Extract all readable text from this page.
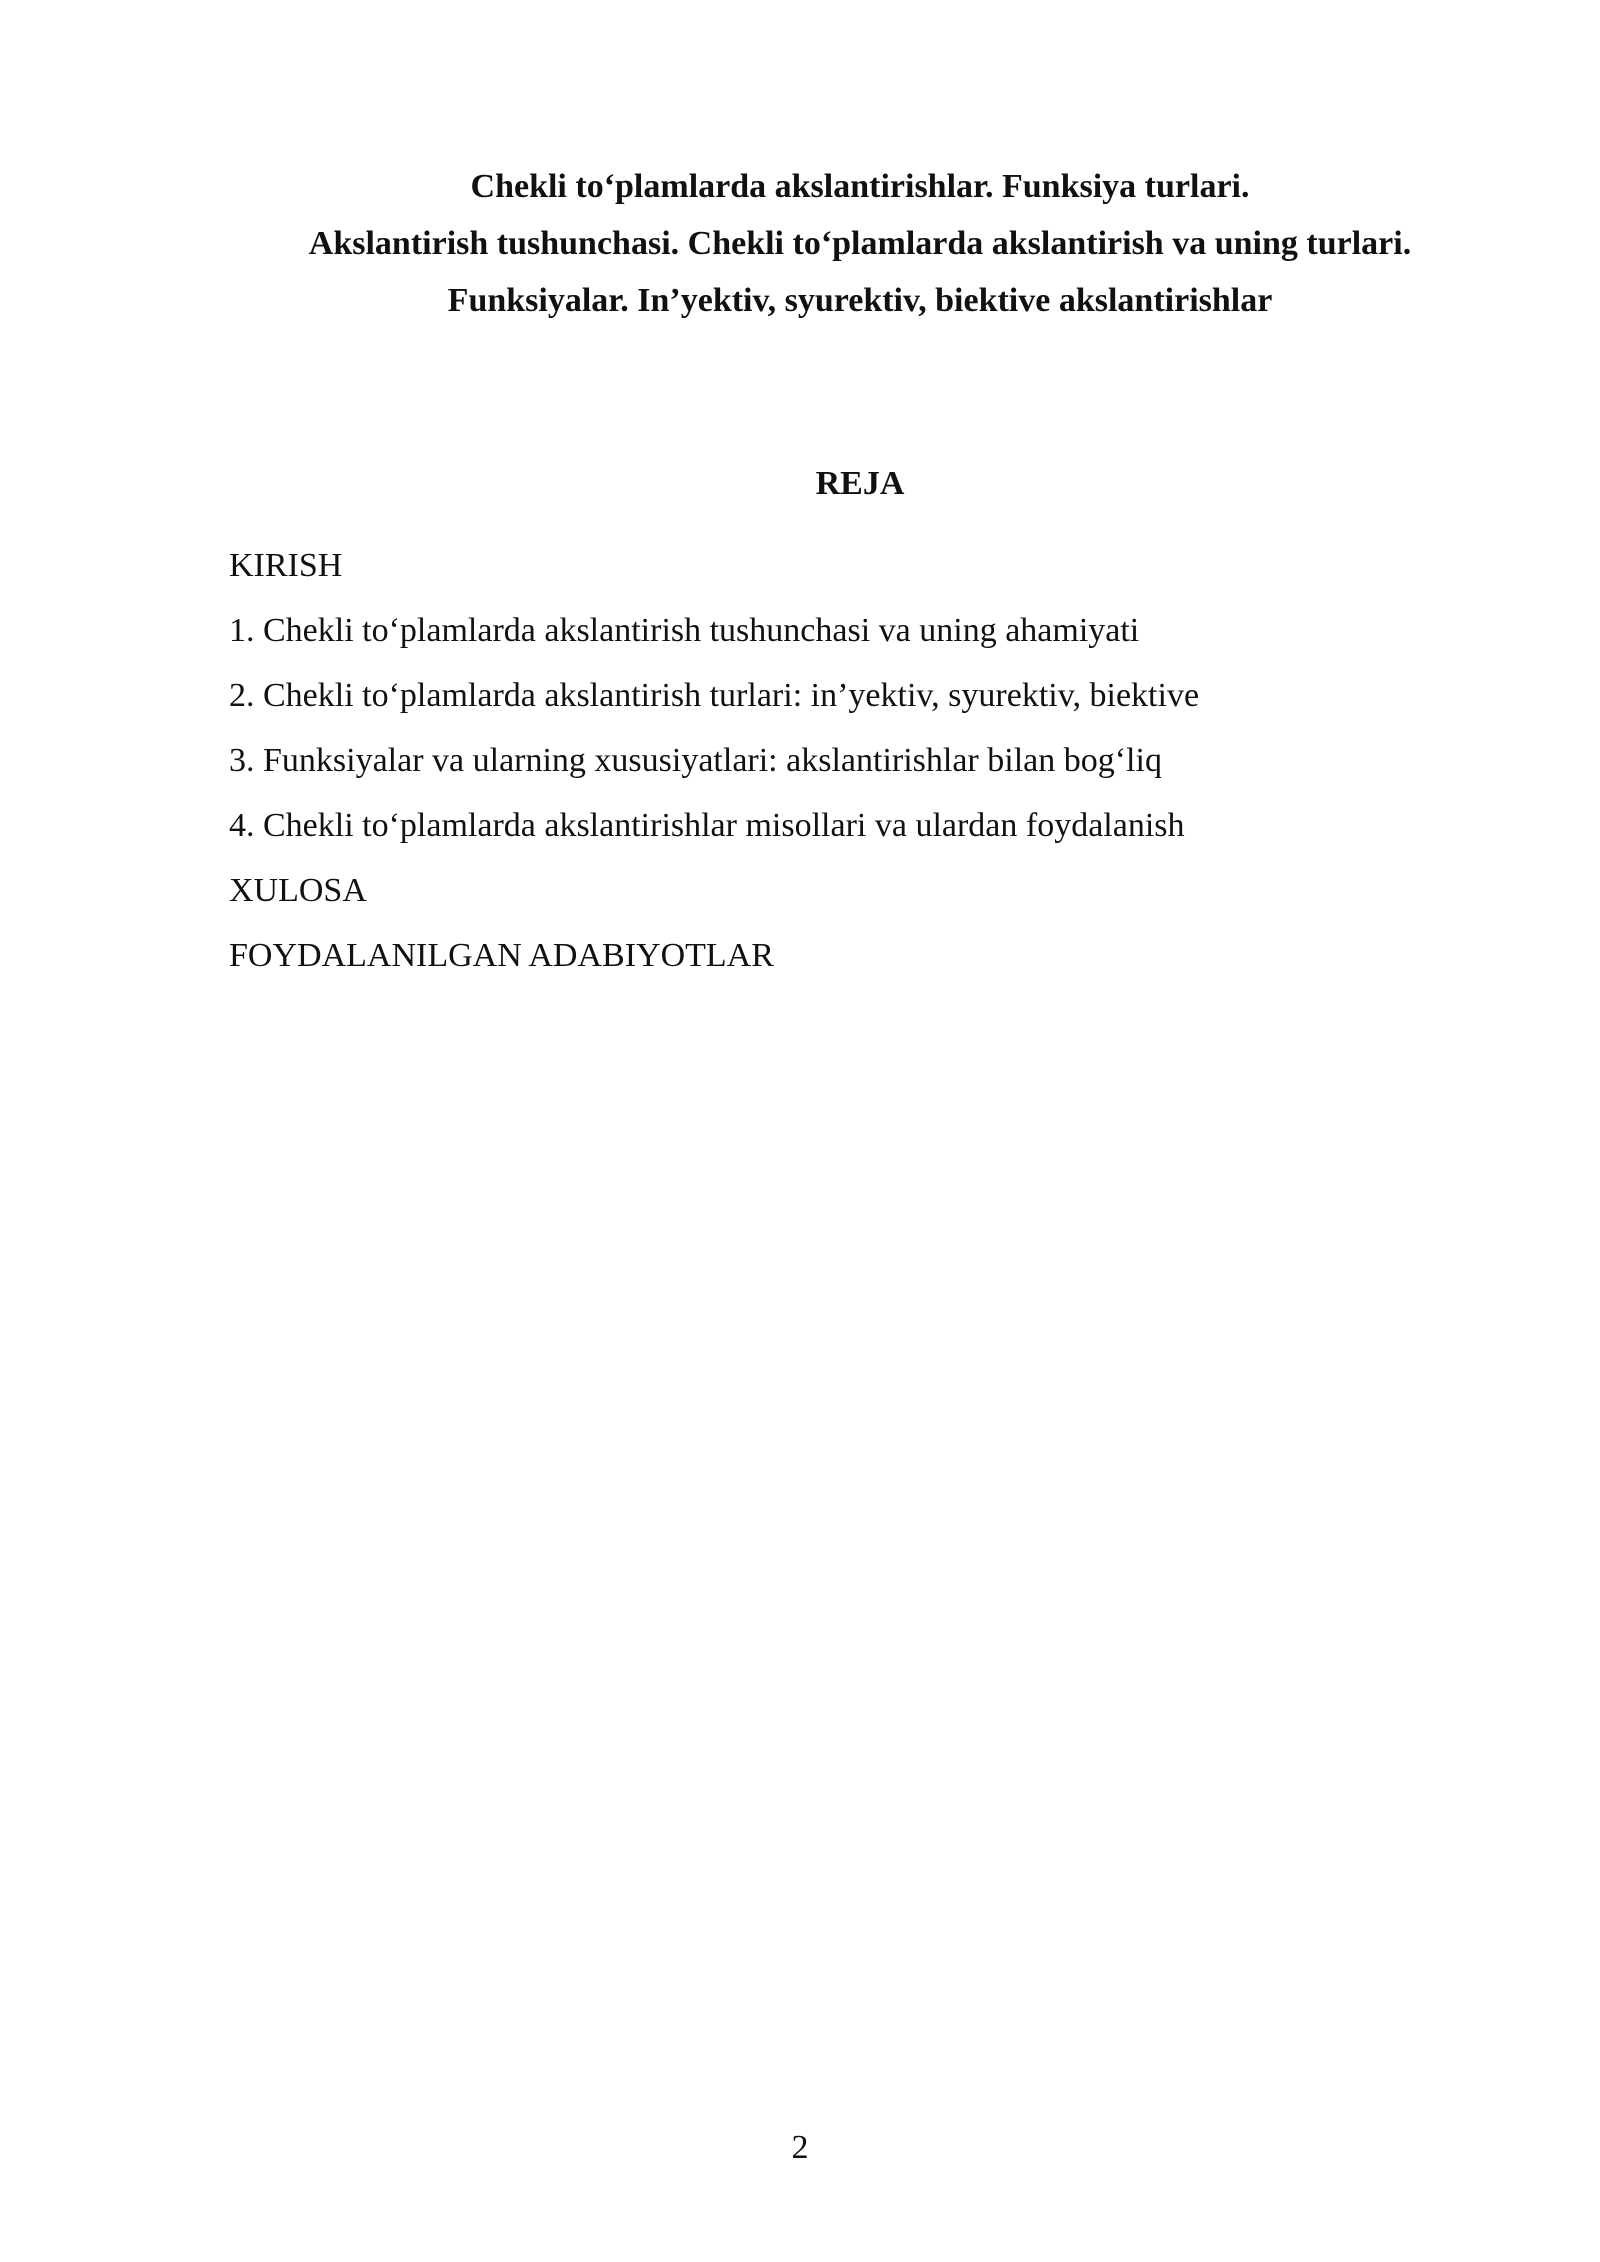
Chekli to‘plamlarda akslantirishlar. Funksiya turlari.
Akslantirish tushunchasi. Chekli to‘plamlarda akslantirish va uning turlari.
Funksiyalar. In’yektiv, syurektiv, biektive akslantirishlar
REJA
KIRISH
1. Chekli to‘plamlarda akslantirish tushunchasi va uning ahamiyati
2. Chekli to‘plamlarda akslantirish turlari: in’yektiv, syurektiv, biektive
3. Funksiyalar va ularning xususiyatlari: akslantirishlar bilan bog‘liq
4. Chekli to‘plamlarda akslantirishlar misollari va ulardan foydalanish
XULOSA
FOYDALANILGAN ADABIYOTLAR
2
